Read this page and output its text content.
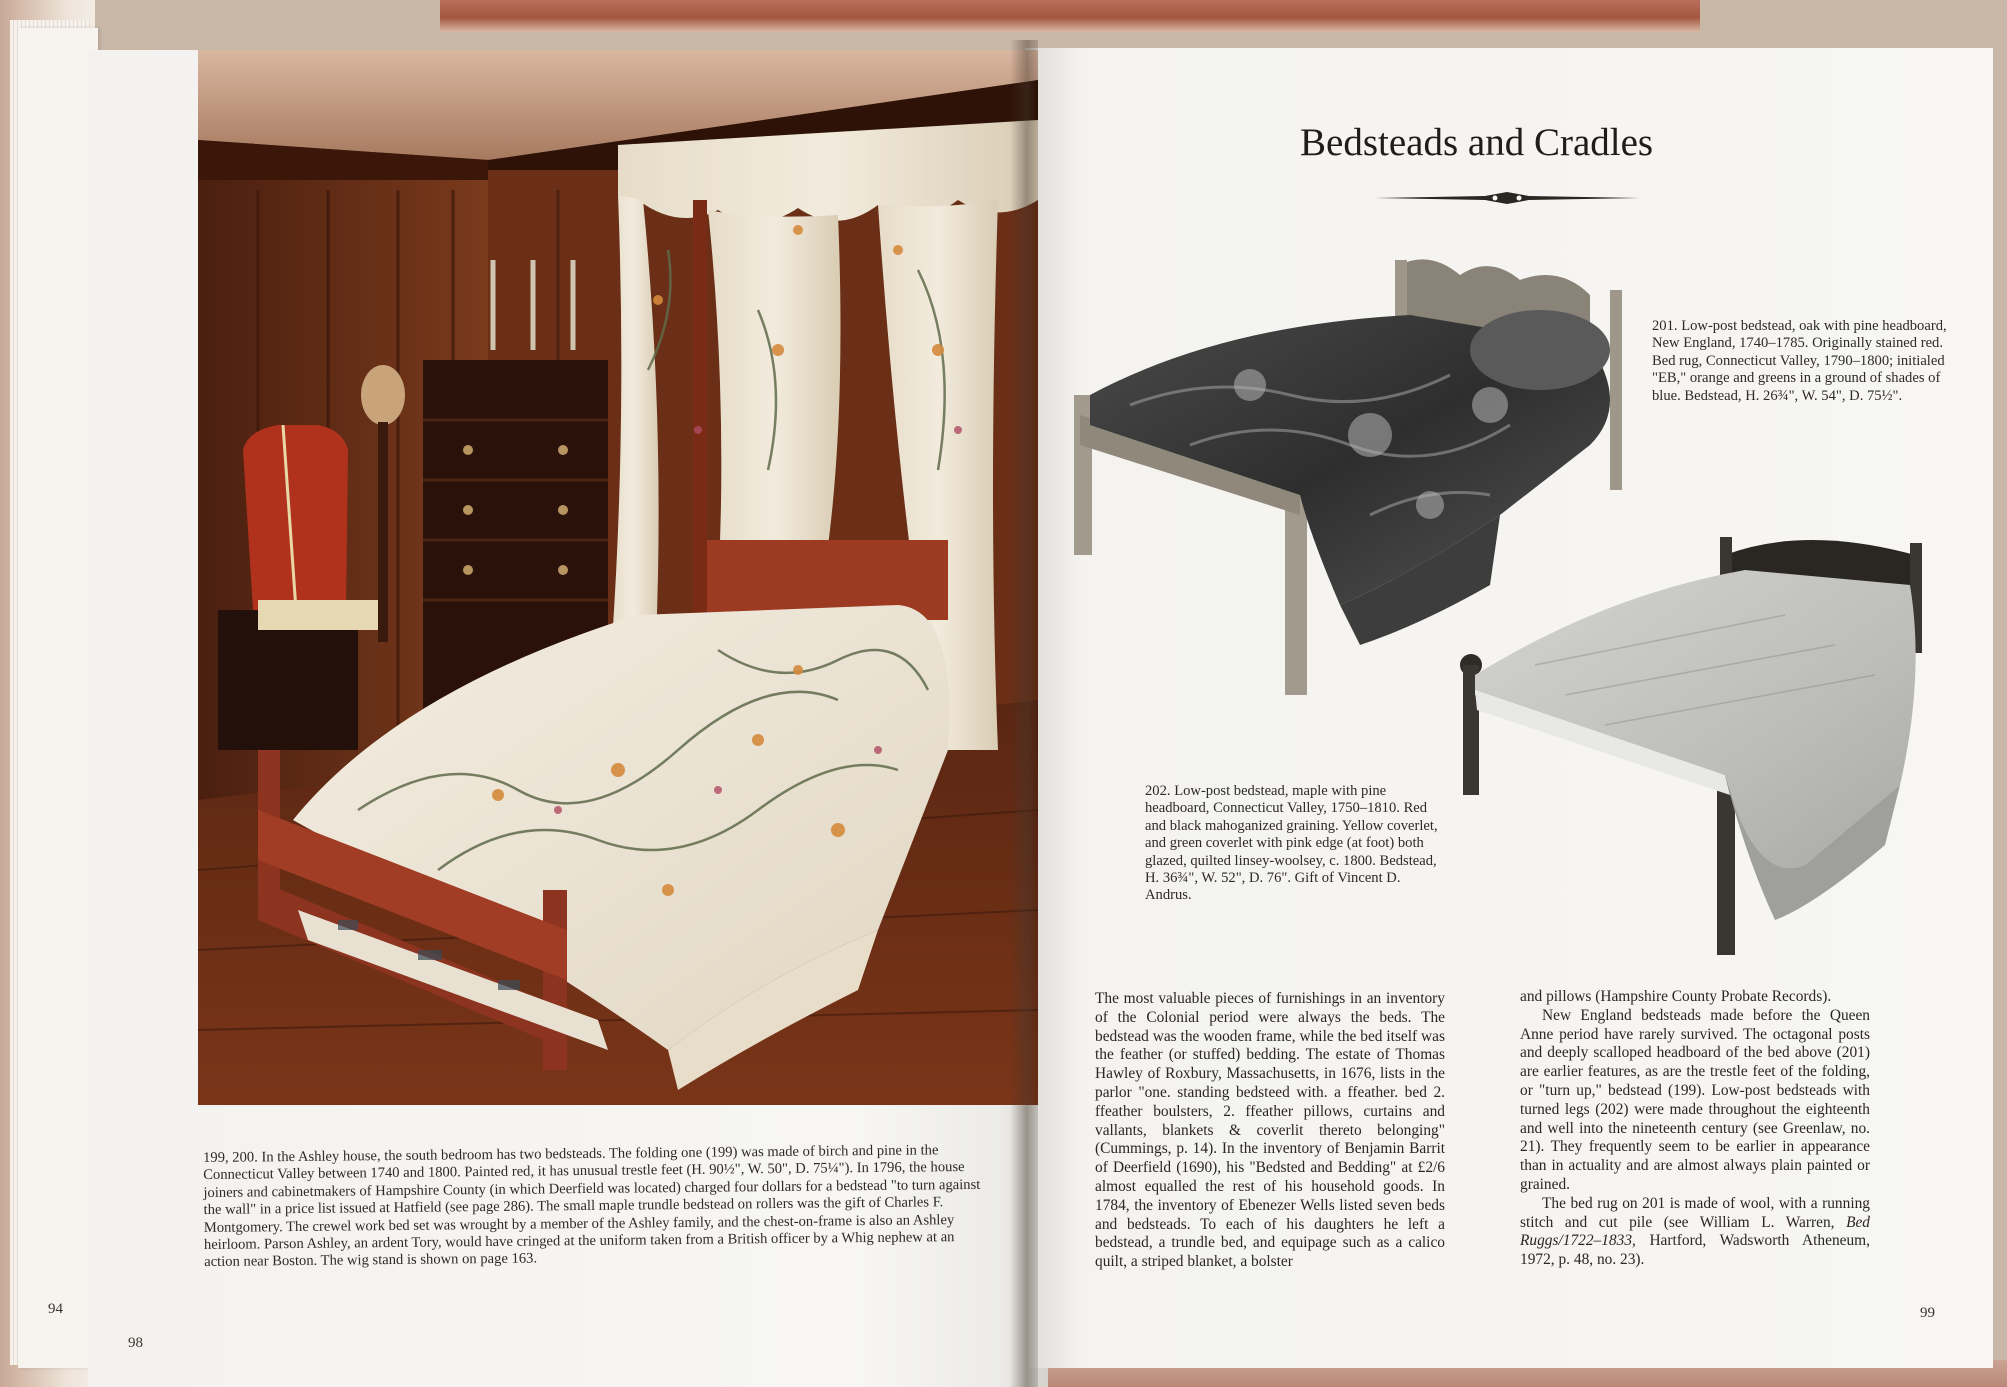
94

199, 200. In the Ashley house, the south bedroom has two bedsteads. The folding one (199) was made of birch and pine in the Connecticut Valley between 1740 and 1800. Painted red, it has unusual trestle feet (H. 90½", W. 50", D. 75¼"). In 1796, the house joiners and cabinetmakers of Hampshire County (in which Deerfield was located) charged four dollars for a bedstead "to turn against the wall" in a price list issued at Hatfield (see page 286). The small maple trundle bedstead on rollers was the gift of Charles F. Montgomery. The crewel work bed set was wrought by a member of the Ashley family, and the chest-on-frame is also an Ashley heirloom. Parson Ashley, an ardent Tory, would have cringed at the uniform taken from a British officer by a Whig nephew at an action near Boston. The wig stand is shown on page 163.

98
Bedsteads and Cradles

201. Low-post bedstead, oak with pine headboard, New England, 1740–1785. Originally stained red. Bed rug, Connecticut Valley, 1790–1800; initialed "EB," orange and greens in a ground of shades of blue. Bedstead, H. 26¾", W. 54", D. 75½".

202. Low-post bedstead, maple with pine headboard, Connecticut Valley, 1750–1810. Red and black mahoganized graining. Yellow coverlet, and green coverlet with pink edge (at foot) both glazed, quilted linsey-woolsey, c. 1800. Bedstead, H. 36¾", W. 52", D. 76". Gift of Vincent D. Andrus.

The most valuable pieces of furnishings in an inventory of the Colonial period were always the beds. The bedstead was the wooden frame, while the bed itself was the feather (or stuffed) bedding. The estate of Thomas Hawley of Roxbury, Massachusetts, in 1676, lists in the parlor "one. standing bedsteed with. a ffeather. bed 2. ffeather boulsters, 2. ffeather pillows, curtains and vallants, blankets & coverlit thereto belonging" (Cummings, p. 14). In the inventory of Benjamin Barrit of Deerfield (1690), his "Bedsted and Bedding" at £2/6 almost equalled the rest of his household goods. In 1784, the inventory of Ebenezer Wells listed seven beds and bedsteads. To each of his daughters he left a bedstead, a trundle bed, and equipage such as a calico quilt, a striped blanket, a bolster

and pillows (Hampshire County Probate Records).

New England bedsteads made before the Queen Anne period have rarely survived. The octagonal posts and deeply scalloped headboard of the bed above (201) are earlier features, as are the trestle feet of the folding, or "turn up," bedstead (199). Low-post bedsteads with turned legs (202) were made throughout the eighteenth and well into the nineteenth century (see Greenlaw, no. 21). They frequently seem to be earlier in appearance than in actuality and are almost always plain painted or grained.

The bed rug on 201 is made of wool, with a running stitch and cut pile (see William L. Warren, Bed Ruggs/1722–1833, Hartford, Wadsworth Atheneum, 1972, p. 48, no. 23).

99
